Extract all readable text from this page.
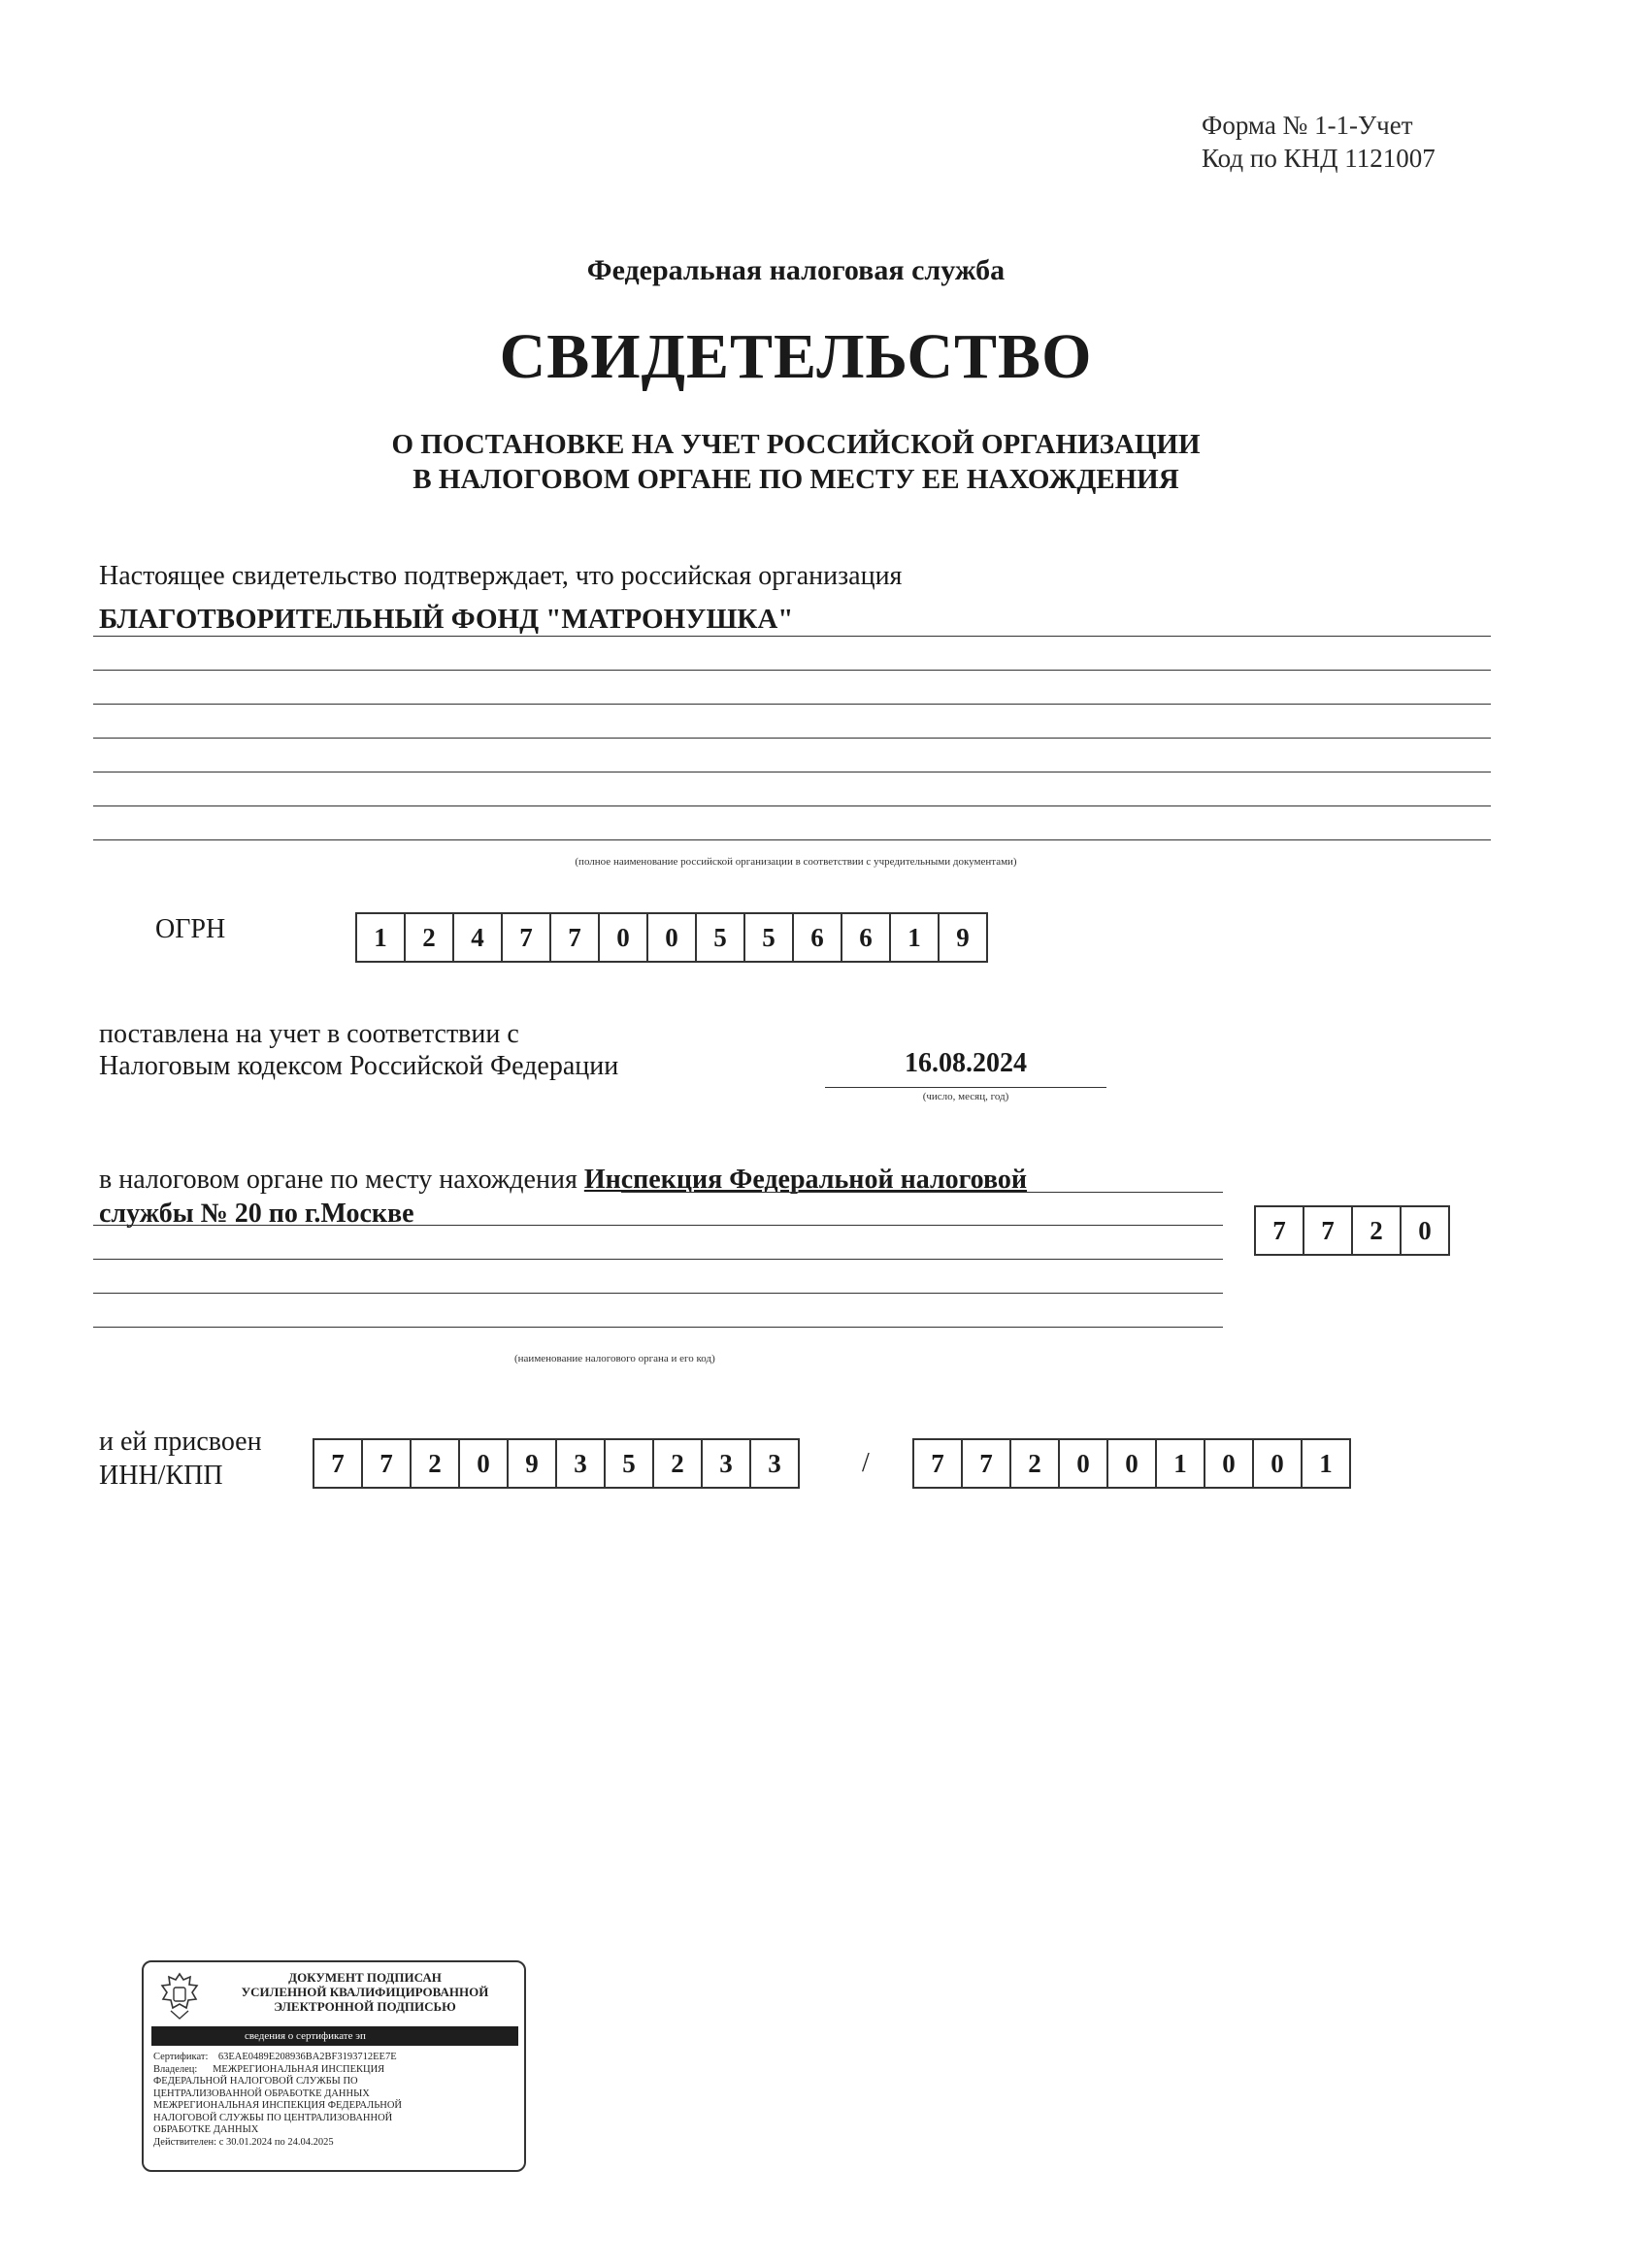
Форма № 1-1-Учет
Код по КНД 1121007
Федеральная налоговая служба
СВИДЕТЕЛЬСТВО
О ПОСТАНОВКЕ НА УЧЕТ РОССИЙСКОЙ ОРГАНИЗАЦИИ
В НАЛОГОВОМ ОРГАНЕ ПО МЕСТУ ЕЕ НАХОЖДЕНИЯ
Настоящее свидетельство подтверждает, что российская организация
БЛАГОТВОРИТЕЛЬНЫЙ ФОНД "МАТРОНУШКА"
(полное наименование российской организации в соответствии с учредительными документами)
ОГРН	1	2	4	7	7	0	0	5	5	6	6	1	9
поставлена на учет в соответствии с
Налоговым кодексом Российской Федерации	16.08.2024
(число, месяц, год)
в налоговом органе по месту нахождения Инспекция Федеральной налоговой
службы № 20 по г.Москве
7	7	2	0
(наименование налогового органа и его код)
и ей присвоен
ИНН/КПП	7	7	2	0	9	3	5	2	3	3	/	7	7	2	0	0	1	0	0	1
ДОКУМЕНТ ПОДПИСАН
УСИЛЕННОЙ КВАЛИФИЦИРОВАННОЙ
ЭЛЕКТРОННОЙ ПОДПИСЬЮ
сведения о сертификате эп
Сертификат:    63EAE0489E208936BA2BF3193712EE7E
Владелец:      МЕЖРЕГИОНАЛЬНАЯ ИНСПЕКЦИЯ
ФЕДЕРАЛЬНОЙ НАЛОГОВОЙ СЛУЖБЫ ПО
ЦЕНТРАЛИЗОВАННОЙ ОБРАБОТКЕ ДАННЫХ
МЕЖРЕГИОНАЛЬНАЯ ИНСПЕКЦИЯ ФЕДЕРАЛЬНОЙ
НАЛОГОВОЙ СЛУЖБЫ ПО ЦЕНТРАЛИЗОВАННОЙ
ОБРАБОТКЕ ДАННЫХ
Действителен: с 30.01.2024 по 24.04.2025
